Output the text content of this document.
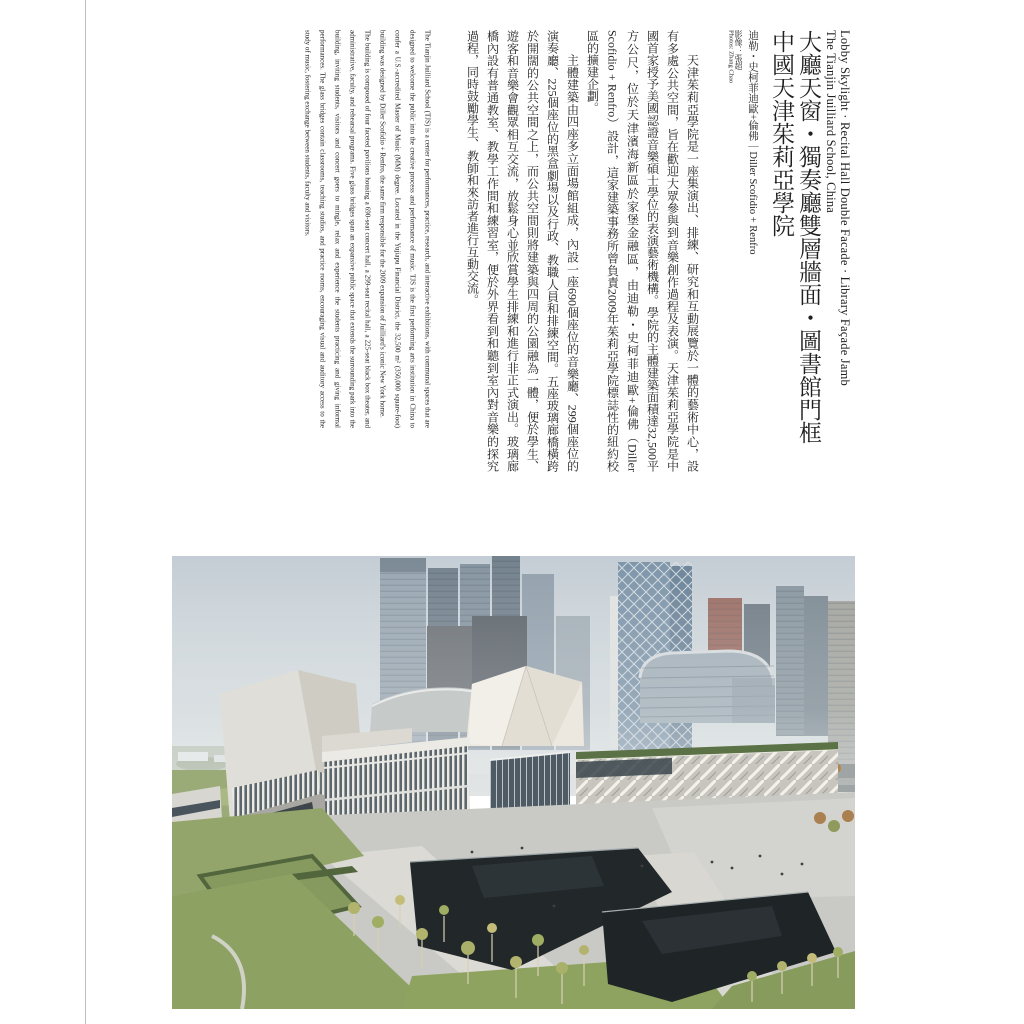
Lobby Skylight · Recital Hall Double Facade · Library Façade Jamb
The Tianjin Juilliard School, China
大廳天窗・獨奏廳雙層牆面・圖書館門框
中國天津茱莉亞學院
迪勒・史柯菲迪歐+倫佛｜Diller Scofidio + Renfro
影像：張超
Photos: Zhang Chao

天津茱莉亞學院是一座集演出、排練、研究和互動展覽於一體的藝術中心，設有多處公共空間，旨在歡迎大眾參與到音樂創作過程及表演。天津茱莉亞學院是中國首家授予美國認證音樂碩士學位的表演藝術機構。學院的主體建築面積達32,500平方公尺，位於天津濱海新區於家堡金融區，由迪勒・史柯菲迪歐+倫佛（Diller Scofidio + Renfro）設計，這家建築事務所曾負責2009年茱莉亞學院標誌性的紐約校區的擴建企劃。

主體建築由四座多立面場館組成，內設一座690個座位的音樂廳、299個座位的演奏廳、225個座位的黑盒劇場以及行政、教職人員和排練空間。五座玻璃廊橋橫跨於開闊的公共空間之上，而公共空間則將建築與四周的公園融為一體，便於學生、遊客和音樂會觀眾相互交流，放鬆身心並欣賞學生排練和進行非正式演出。玻璃廊橋內設有普通教室、教學工作間和練習室，便於外界看到和聽到室內對音樂的探究過程，同時鼓勵學生、教師和來訪者進行互動交流。

The Tianjin Juilliard School (TJS) is a center for performances, practice, research, and interactive exhibitions, with communal spaces that are designed to welcome the public into the creative process and performance of music. TJS is the first performing arts institution in China to confer a U.S.-accredited Master of Music (MM) degree. Located in the Yujiapu Financial District, the 32,500 m² (350,000 square-foot) building was designed by Diller Scofidio + Renfro, the same firm responsible for the 2009 expansion of Juilliard's iconic New York home.

The building is composed of four faceted pavilions housing a 690-seat concert hall, a 299-seat recital hall, a 225-seat black box theater, and administrative, faculty, and rehearsal programs. Five glass bridges span an expansive public space that extends the surrounding park into the building, inviting students, visitors and concert goers to mingle, relax and experience the students practicing and giving informal performances. The glass bridges contain classrooms, teaching studios, and practice rooms, encouraging visual and auditory access to the study of music, fostering exchange between students, faculty and visitors.
